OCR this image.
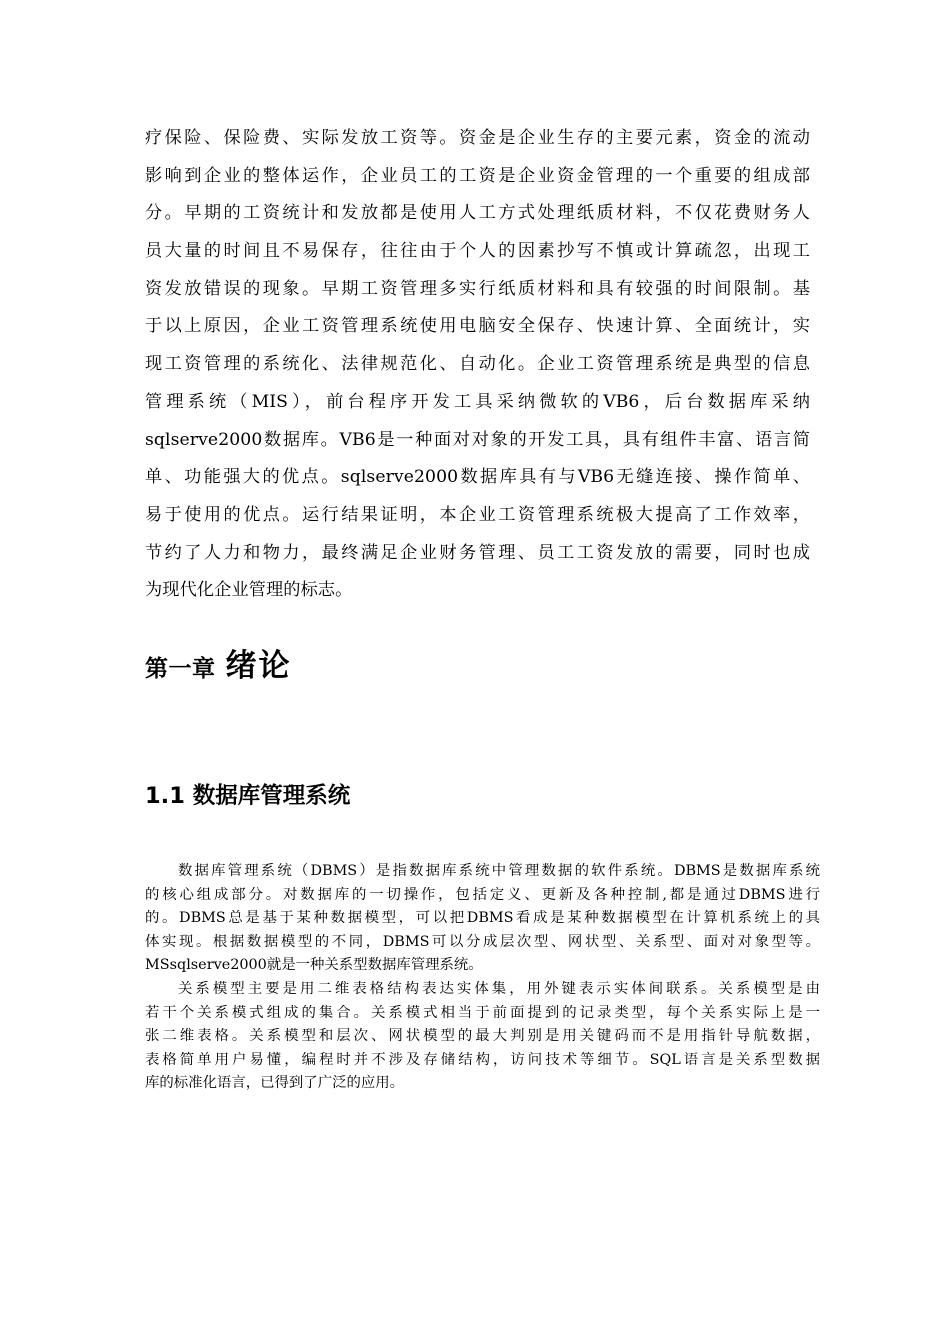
疗保险、保险费、实际发放工资等。资金是企业生存的主要元素，资金的流动
影响到企业的整体运作，企业员工的工资是企业资金管理的一个重要的组成部
分。早期的工资统计和发放都是使用人工方式处理纸质材料，不仅花费财务人
员大量的时间且不易保存，往往由于个人的因素抄写不慎或计算疏忽，出现工
资发放错误的现象。早期工资管理多实行纸质材料和具有较强的时间限制。基
于以上原因，企业工资管理系统使用电脑安全保存、快速计算、全面统计，实
现工资管理的系统化、法律规范化、自动化。企业工资管理系统是典型的信息
管理系统（MIS），前台程序开发工具采纳微软的VB6，后台数据库采纳
sqlserve2000数据库。VB6是一种面对对象的开发工具，具有组件丰富、语言简
单、功能强大的优点。sqlserve2000数据库具有与VB6无缝连接、操作简单、
易于使用的优点。运行结果证明，本企业工资管理系统极大提高了工作效率，
节约了人力和物力，最终满足企业财务管理、员工工资发放的需要，同时也成
为现代化企业管理的标志。
第一章 绪论
1.1 数据库管理系统
数据库管理系统（DBMS）是指数据库系统中管理数据的软件系统。DBMS是数据库系统
的核心组成部分。对数据库的一切操作，包括定义、更新及各种控制,都是通过DBMS进行
的。DBMS总是基于某种数据模型，可以把DBMS看成是某种数据模型在计算机系统上的具
体实现。根据数据模型的不同，DBMS可以分成层次型、网状型、关系型、面对对象型等。
MSsqlserve2000就是一种关系型数据库管理系统。
关系模型主要是用二维表格结构表达实体集，用外键表示实体间联系。关系模型是由
若干个关系模式组成的集合。关系模式相当于前面提到的记录类型，每个关系实际上是一
张二维表格。关系模型和层次、网状模型的最大判别是用关键码而不是用指针导航数据，
表格简单用户易懂，编程时并不涉及存储结构，访问技术等细节。SQL语言是关系型数据
库的标准化语言，已得到了广泛的应用。
